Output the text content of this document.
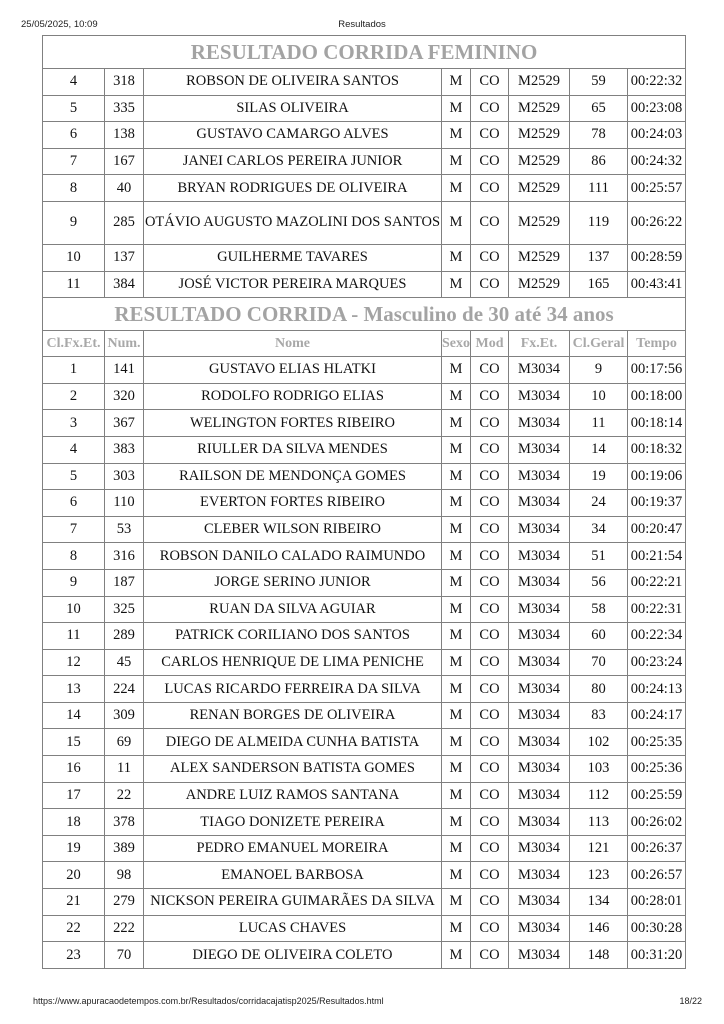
25/05/2025, 10:09	Resultados
RESULTADO CORRIDA FEMININO							
4	318	ROBSON DE OLIVEIRA SANTOS	M	CO	M2529	59	00:22:32
5	335	SILAS OLIVEIRA	M	CO	M2529	65	00:23:08
6	138	GUSTAVO CAMARGO ALVES	M	CO	M2529	78	00:24:03
7	167	JANEI CARLOS PEREIRA JUNIOR	M	CO	M2529	86	00:24:32
8	40	BRYAN RODRIGUES DE OLIVEIRA	M	CO	M2529	111	00:25:57
9	285	OTÁVIO AUGUSTO MAZOLINI DOS SANTOS	M	CO	M2529	119	00:26:22
10	137	GUILHERME TAVARES	M	CO	M2529	137	00:28:59
11	384	JOSÉ VICTOR PEREIRA MARQUES	M	CO	M2529	165	00:43:41
RESULTADO CORRIDA - Masculino de 30 até 34 anos							
Cl.Fx.Et.	Num.	Nome	Sexo	Mod	Fx.Et.	Cl.Geral	Tempo
1	141	GUSTAVO ELIAS HLATKI	M	CO	M3034	9	00:17:56
2	320	RODOLFO RODRIGO ELIAS	M	CO	M3034	10	00:18:00
3	367	WELINGTON FORTES RIBEIRO	M	CO	M3034	11	00:18:14
4	383	RIULLER DA SILVA MENDES	M	CO	M3034	14	00:18:32
5	303	RAILSON DE MENDONÇA GOMES	M	CO	M3034	19	00:19:06
6	110	EVERTON FORTES RIBEIRO	M	CO	M3034	24	00:19:37
7	53	CLEBER WILSON RIBEIRO	M	CO	M3034	34	00:20:47
8	316	ROBSON DANILO CALADO RAIMUNDO	M	CO	M3034	51	00:21:54
9	187	JORGE SERINO JUNIOR	M	CO	M3034	56	00:22:21
10	325	RUAN DA SILVA AGUIAR	M	CO	M3034	58	00:22:31
11	289	PATRICK CORILIANO DOS SANTOS	M	CO	M3034	60	00:22:34
12	45	CARLOS HENRIQUE DE LIMA PENICHE	M	CO	M3034	70	00:23:24
13	224	LUCAS RICARDO FERREIRA DA SILVA	M	CO	M3034	80	00:24:13
14	309	RENAN BORGES DE OLIVEIRA	M	CO	M3034	83	00:24:17
15	69	DIEGO DE ALMEIDA CUNHA BATISTA	M	CO	M3034	102	00:25:35
16	11	ALEX SANDERSON BATISTA GOMES	M	CO	M3034	103	00:25:36
17	22	ANDRE LUIZ RAMOS SANTANA	M	CO	M3034	112	00:25:59
18	378	TIAGO DONIZETE PEREIRA	M	CO	M3034	113	00:26:02
19	389	PEDRO EMANUEL MOREIRA	M	CO	M3034	121	00:26:37
20	98	EMANOEL BARBOSA	M	CO	M3034	123	00:26:57
21	279	NICKSON PEREIRA GUIMARÃES DA SILVA	M	CO	M3034	134	00:28:01
22	222	LUCAS CHAVES	M	CO	M3034	146	00:30:28
23	70	DIEGO DE OLIVEIRA COLETO	M	CO	M3034	148	00:31:20
https://www.apuracaodetempos.com.br/Resultados/corridacajatisp2025/Resultados.html	18/22
